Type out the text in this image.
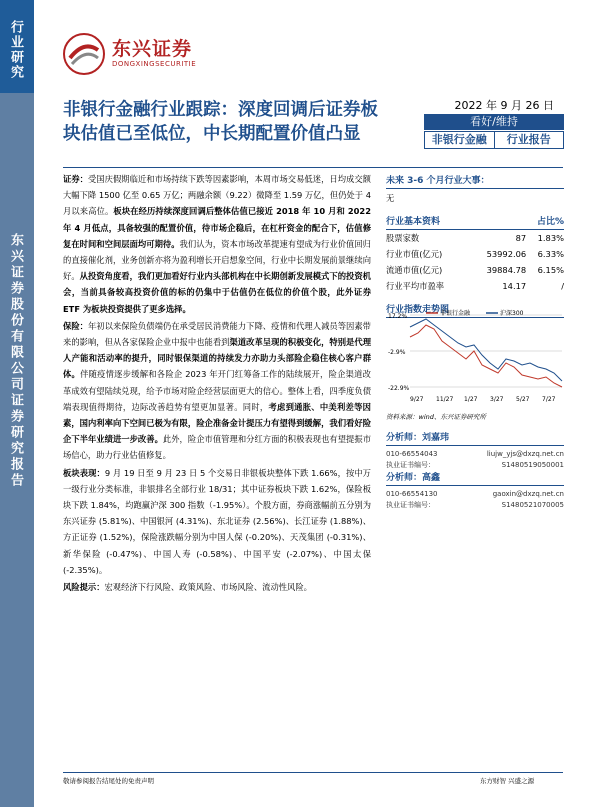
行业研究
东兴证券股份有限公司证券研究报告
东兴证券
DONGXINGSECURITIE
非银行金融行业跟踪：深度回调后证券板块估值已至低位，中长期配置价值凸显
2022 年 9 月 26 日
看好/维持
非银行金融	行业报告

证券：受国庆假期临近和市场持续下跌等因素影响，本周市场交易低迷，日均成交额大幅下降 1500 亿至 0.65 万亿；两融余额（9.22）微降至 1.59 万亿，但仍处于 4 月以来高位。板块在经历持续深度回调后整体估值已接近 2018 年 10 月和 2022 年 4 月低点，具备较强的配置价值，待市场企稳后，在杠杆资金的配合下，估值修复在时间和空间层面均可期待。我们认为，资本市场改革提速有望成为行业价值回归的直接催化剂，业务创新亦将为盈利增长开启想象空间，行业中长期发展前景继续向好。从投资角度看，我们更加看好行业内头部机构在中长期创新发展模式下的投资机会，当前具备较高投资价值的标的仍集中于估值仍在低位的价值个股，此外证券 ETF 为板块投资提供了更多选择。

保险：年初以来保险负债端仍在承受居民消费能力下降、疫情和代理人减员等因素带来的影响，但从各家保险企业中报中也能看到渠道改革呈现的积极变化，特别是代理人产能和活动率的提升，同时银保渠道的持续发力亦助力头部险企稳住核心客户群体。伴随疫情逐步缓解和各险企 2023 年开门红筹备工作的陆续展开，险企渠道改革成效有望陆续兑现，给予市场对险企经营层面更大的信心。整体上看，四季度负债端表现值得期待，边际改善趋势有望更加显著。同时，考虑到通胀、中美利差等因素，国内利率向下空间已极为有限，险企准备金计提压力有望得到缓解，我们看好险企下半年业绩进一步改善。此外，险企市值管理和分红方面的积极表现也有望提振市场信心，助力行业估值修复。

板块表现：9 月 19 日至 9 月 23 日 5 个交易日非银板块整体下跌 1.66%，按中万一级行业分类标准，非银排名全部行业 18/31；其中证券板块下跌 1.62%，保险板块下跌 1.84%，均跑赢沪深 300 指数（-1.95%）。个股方面，券商涨幅前五分别为东兴证券 (5.81%)、中国银河 (4.31%)、东北证券 (2.56%)、长江证券 (1.88%)、方正证券 (1.52%)，保险涨跌幅分别为中国人保 (-0.20%)、天茂集团 (-0.31%)、新华保险 (-0.47%)、中国人寿 (-0.58%)、中国平安 (-2.07%)、中国太保 (-2.35%)。

风险提示：宏观经济下行风险、政策风险、市场风险、流动性风险。

未来 3-6 个月行业大事：
无
行业基本资料	占比%
股票家数	87	1.83%
行业市值(亿元)	53992.06	6.33%
流通市值(亿元)	39884.78	6.15%
行业平均市盈率	14.17	/
行业指数走势图
17.2%
-2.9%
-22.9%
非银行金融	沪深300
9/27 11/27 1/27 3/27 5/27 7/27
资料来源：wind、东兴证券研究所
分析师：刘嘉玮
010-66554043	liujw_yjs@dxzq.net.cn
执业证书编号：	S1480519050001
分析师：高鑫
010-66554130	gaoxin@dxzq.net.cn
执业证书编号：	S1480521070005
敬请参阅报告结尾处的免责声明	东方财智 兴盛之源
